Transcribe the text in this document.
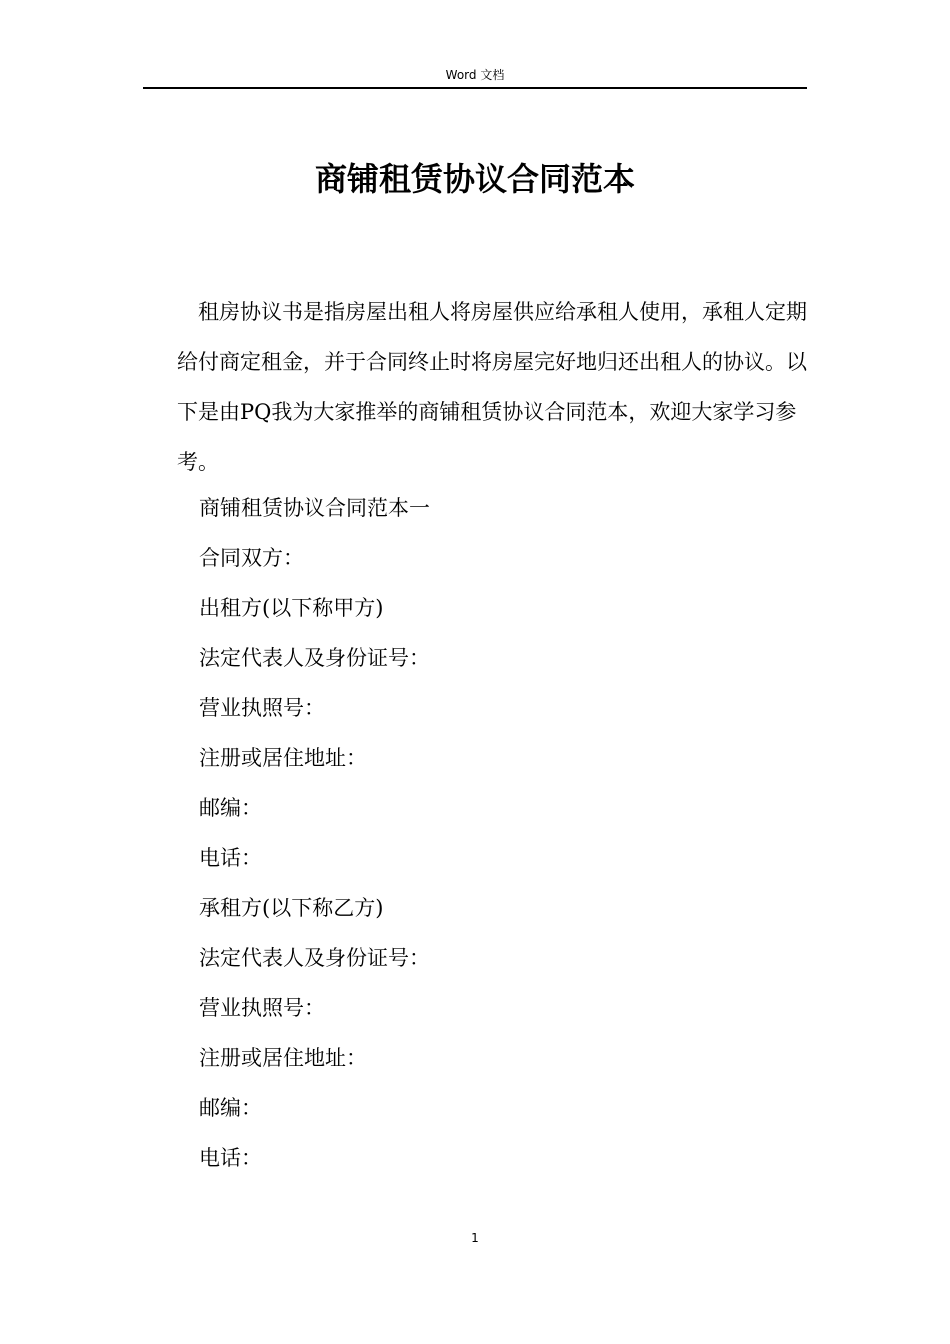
Word 文档
商铺租赁协议合同范本

租房协议书是指房屋出租人将房屋供应给承租人使用，承租人定期给付商定租金，并于合同终止时将房屋完好地归还出租人的协议。以下是由PQ我为大家推举的商铺租赁协议合同范本，欢迎大家学习参考。

商铺租赁协议合同范本一
合同双方：
出租方(以下称甲方)
法定代表人及身份证号：
营业执照号：
注册或居住地址：
邮编：
电话：
承租方(以下称乙方)
法定代表人及身份证号：
营业执照号：
注册或居住地址：
邮编：
电话：
1
